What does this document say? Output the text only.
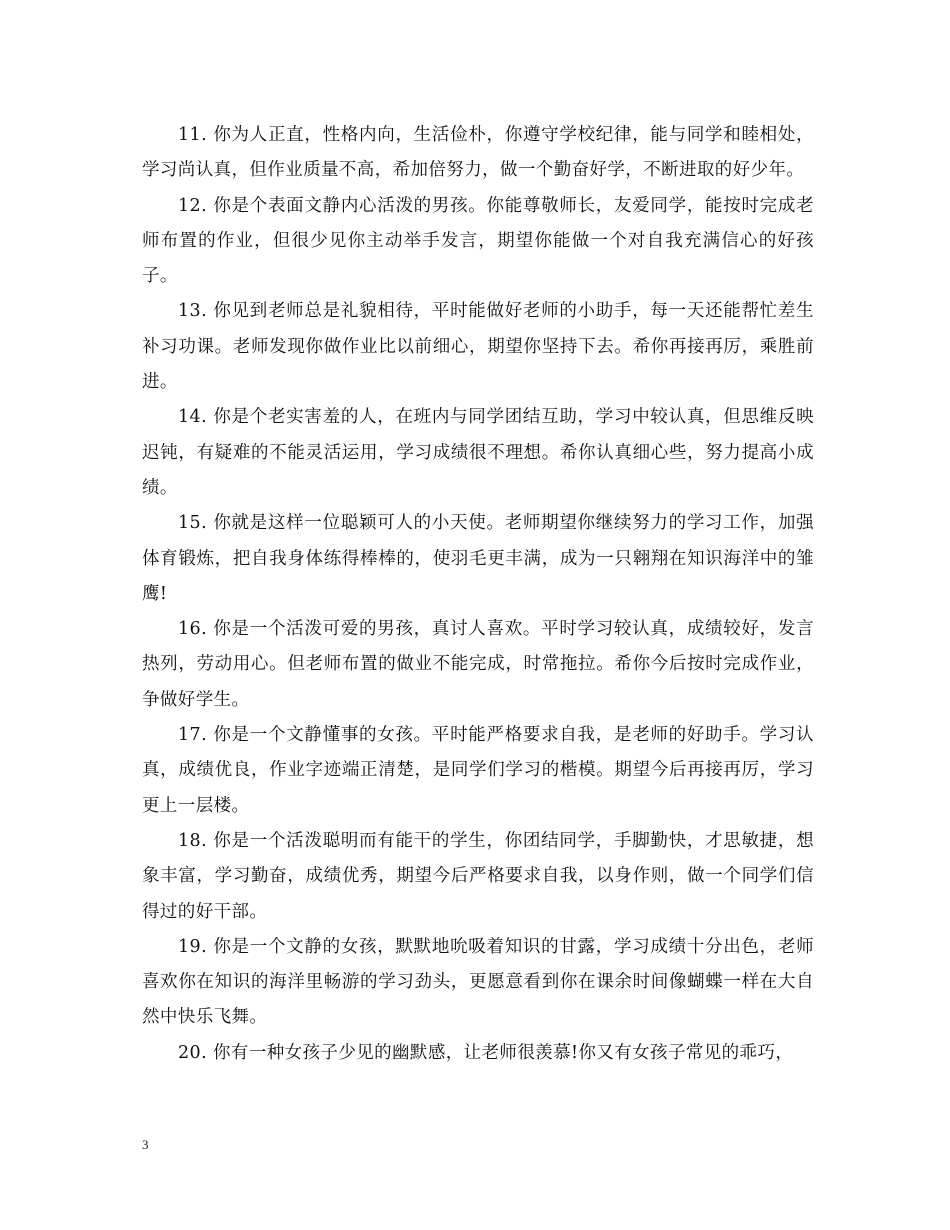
11. 你为人正直，性格内向，生活俭朴，你遵守学校纪律，能与同学和睦相处，学习尚认真，但作业质量不高，希加倍努力，做一个勤奋好学，不断进取的好少年。

12. 你是个表面文静内心活泼的男孩。你能尊敬师长，友爱同学，能按时完成老师布置的作业，但很少见你主动举手发言，期望你能做一个对自我充满信心的好孩子。

13. 你见到老师总是礼貌相待，平时能做好老师的小助手，每一天还能帮忙差生补习功课。老师发现你做作业比以前细心，期望你坚持下去。希你再接再厉，乘胜前进。

14. 你是个老实害羞的人，在班内与同学团结互助，学习中较认真，但思维反映迟钝，有疑难的不能灵活运用，学习成绩很不理想。希你认真细心些，努力提高小成绩。

15. 你就是这样一位聪颖可人的小天使。老师期望你继续努力的学习工作，加强体育锻炼，把自我身体练得棒棒的，使羽毛更丰满，成为一只翱翔在知识海洋中的雏鹰!

16. 你是一个活泼可爱的男孩，真讨人喜欢。平时学习较认真，成绩较好，发言热列，劳动用心。但老师布置的做业不能完成，时常拖拉。希你今后按时完成作业，争做好学生。

17. 你是一个文静懂事的女孩。平时能严格要求自我，是老师的好助手。学习认真，成绩优良，作业字迹端正清楚，是同学们学习的楷模。期望今后再接再厉，学习更上一层楼。

18. 你是一个活泼聪明而有能干的学生，你团结同学，手脚勤快，才思敏捷，想象丰富，学习勤奋，成绩优秀，期望今后严格要求自我，以身作则，做一个同学们信得过的好干部。

19. 你是一个文静的女孩，默默地吮吸着知识的甘露，学习成绩十分出色，老师喜欢你在知识的海洋里畅游的学习劲头，更愿意看到你在课余时间像蝴蝶一样在大自然中快乐飞舞。

20. 你有一种女孩子少见的幽默感，让老师很羡慕!你又有女孩子常见的乖巧，

3
